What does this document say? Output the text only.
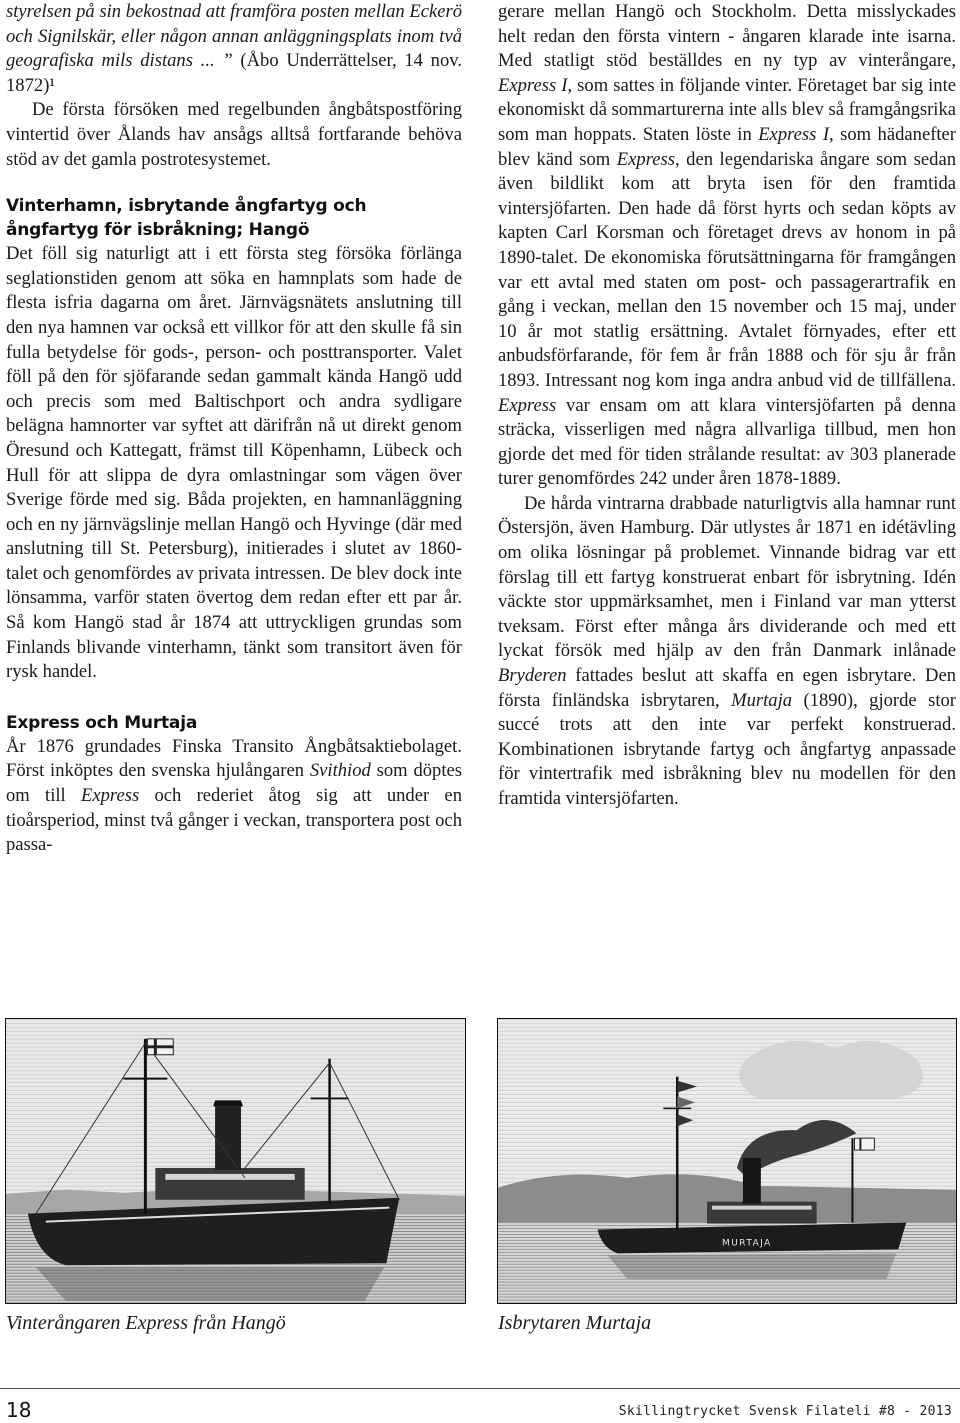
styrelsen på sin bekostnad att framföra posten mellan Eckerö och Signilskär, eller någon annan anläggningsplats inom två geografiska mils distans ... ” (Åbo Underrättelser, 14 nov. 1872)¹

De första försöken med regelbunden ångbåtspostföring vintertid över Ålands hav ansågs alltså fortfarande behöva stöd av det gamla postrotesystemet.

Vinterhamn, isbrytande ångfartyg och ångfartyg för isbråkning; Hangö

Det föll sig naturligt att i ett första steg försöka förlänga seglationstiden genom att söka en hamnplats som hade de flesta isfria dagarna om året. Järnvägsnätets anslutning till den nya hamnen var också ett villkor för att den skulle få sin fulla betydelse för gods-, person- och posttransporter. Valet föll på den för sjöfarande sedan gammalt kända Hangö udd och precis som med Baltischport och andra sydligare belägna hamnorter var syftet att därifrån nå ut direkt genom Öresund och Kattegatt, främst till Köpenhamn, Lübeck och Hull för att slippa de dyra omlastningar som vägen över Sverige förde med sig. Båda projekten, en hamnanläggning och en ny järnvägslinje mellan Hangö och Hyvinge (där med anslutning till St. Petersburg), initierades i slutet av 1860-talet och genomfördes av privata intressen. De blev dock inte lönsamma, varför staten övertog dem redan efter ett par år. Så kom Hangö stad år 1874 att uttryckligen grundas som Finlands blivande vinterhamn, tänkt som transitort även för rysk handel.

Express och Murtaja

År 1876 grundades Finska Transito Ångbåtsaktiebolaget. Först inköptes den svenska hjulångaren Svithiod som döptes om till Express och rederiet åtog sig att under en tioårsperiod, minst två gånger i veckan, transportera post och passa-

gerare mellan Hangö och Stockholm. Detta misslyckades helt redan den första vintern - ångaren klarade inte isarna. Med statligt stöd beställdes en ny typ av vinterångare, Express I, som sattes in följande vinter. Företaget bar sig inte ekonomiskt då sommarturerna inte alls blev så framgångsrika som man hoppats. Staten löste in Express I, som hädanefter blev känd som Express, den legendariska ångare som sedan även bildlikt kom att bryta isen för den framtida vintersjöfarten. Den hade då först hyrts och sedan köpts av kapten Carl Korsman och företaget drevs av honom in på 1890-talet. De ekonomiska förutsättningarna för framgången var ett avtal med staten om post- och passagerartrafik en gång i veckan, mellan den 15 november och 15 maj, under 10 år mot statlig ersättning. Avtalet förnyades, efter ett anbudsförfarande, för fem år från 1888 och för sju år från 1893. Intressant nog kom inga andra anbud vid de tillfällena. Express var ensam om att klara vintersjöfarten på denna sträcka, visserligen med några allvarliga tillbud, men hon gjorde det med för tiden strålande resultat: av 303 planerade turer genomfördes 242 under åren 1878-1889.

De hårda vintrarna drabbade naturligtvis alla hamnar runt Östersjön, även Hamburg. Där utlystes år 1871 en idétävling om olika lösningar på problemet. Vinnande bidrag var ett förslag till ett fartyg konstruerat enbart för isbrytning. Idén väckte stor uppmärksamhet, men i Finland var man ytterst tveksam. Först efter många års dividerande och med ett lyckat försök med hjälp av den från Danmark inlånade Bryderen fattades beslut att skaffa en egen isbrytare. Den första finländska isbrytaren, Murtaja (1890), gjorde stor succé trots att den inte var perfekt konstruerad. Kombinationen isbrytande fartyg och ångfartyg anpassade för vintertrafik med isbråkning blev nu modellen för den framtida vintersjöfarten.

MURTAJA
Vinterångaren Express från Hangö	Isbrytaren Murtaja
18	Skillingtrycket Svensk Filateli #8 - 2013
